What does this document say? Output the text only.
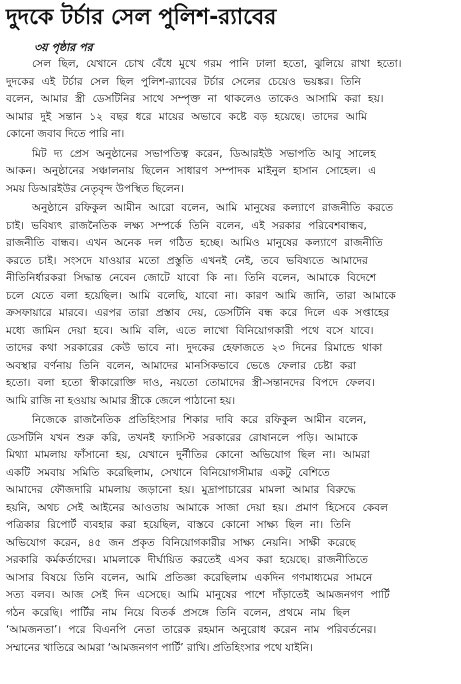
দুদকে টর্চার সেল পুলিশ-র‍্যাবের
৩য় পৃষ্ঠার পর
সেল ছিল, যেখানে চোখ বেঁধে মুখে গরম পানি ঢালা হতো, ঝুলিয়ে রাখা হতো।
দুদকের এই টর্চার সেল ছিল পুলিশ-র‍্যাবের টর্চার সেলের চেয়েও ভয়ঙ্কর। তিনি
বলেন, আমার স্ত্রী ডেসটিনির সাথে সম্পৃক্ত না থাকলেও তাকেও আসামি করা হয়।
আমার দুই সন্তান ১২ বছর ধরে মায়ের অভাবে কষ্টে বড় হয়েছে। তাদের আমি
কোনো জবাব দিতে পারি না।
মিট দ্য প্রেস অনুষ্ঠানের সভাপতিত্ব করেন, ডিআরইউ সভাপতি আবু সালেহ
আকন। অনুষ্ঠানের সঞ্চালনায় ছিলেন সাধারণ সম্পাদক মাইনুল হাসান সোহেল। এ
সময় ডিআরইউর নেতৃবৃন্দ উপস্থিত ছিলেন।
অনুষ্ঠানে রফিকুল আমীন আরো বলেন, আমি মানুষের কল্যাণে রাজনীতি করতে
চাই। ভবিষ্যৎ রাজনৈতিক লক্ষ্য সম্পর্কে তিনি বলেন, এই সরকার পরিবেশবান্ধব,
রাজনীতি বান্ধব। এখন অনেক দল গঠিত হচ্ছে। আমিও মানুষের কল্যাণে রাজনীতি
করতে চাই। সংসদে যাওয়ার মতো প্রস্তুতি এখনই নেই, তবে ভবিষ্যতে আমাদের
নীতিনির্ধারকরা সিদ্ধান্ত নেবেন জোটে যাবো কি না। তিনি বলেন, আমাকে বিদেশে
চলে যেতে বলা হয়েছিল। আমি বলেছি, যাবো না। কারণ আমি জানি, তারা আমাকে
ক্রসফায়ারে মারবে। এরপর তারা প্রস্তাব দেয়, ডেসটিনি বন্ধ করে দিলে এক সপ্তাহের
মধ্যে জামিন দেয়া হবে। আমি বলি, এতে লাখো বিনিয়োগকারী পথে বসে যাবে।
তাদের কথা সরকারের কেউ ভাবে না। দুদকের হেফাজতে ২৩ দিনের রিমান্ডে থাকা
অবস্থার বর্ণনায় তিনি বলেন, আমাদের মানসিকভাবে ভেঙে ফেলার চেষ্টা করা
হতো। বলা হতো স্বীকারোক্তি দাও, নয়তো তোমাদের স্ত্রী-সন্তানদের বিপদে ফেলব।
আমি রাজি না হওয়ায় আমার স্ত্রীকে জেলে পাঠানো হয়।
নিজেকে রাজনৈতিক প্রতিহিংসার শিকার দাবি করে রফিকুল আমীন বলেন,
ডেসটিনি যখন শুরু করি, তখনই ফ্যাসিস্ট সরকারের রোষানলে পড়ি। আমাকে
মিথ্যা মামলায় ফাঁসানো হয়, যেখানে দুর্নীতির কোনো অভিযোগ ছিল না। আমরা
একটি সমবায় সমিতি করেছিলাম, সেখানে বিনিয়োগসীমার একটু বেশিতে
আমাদের ফৌজদারি মামলায় জড়ানো হয়। মুদ্রাপাচারের মামলা আমার বিরুদ্ধে
হয়নি, অথচ সেই আইনের আওতায় আমাকে সাজা দেয়া হয়। প্রমাণ হিসেবে কেবল
পত্রিকার রিপোর্ট ব্যবহার করা হয়েছিল, বাস্তবে কোনো সাক্ষ্য ছিল না। তিনি
অভিযোগ করেন, ৪৫ জন প্রকৃত বিনিয়োগকারীর সাক্ষ্য নেয়নি। সাক্ষী করেছে
সরকারি কর্মকর্তাদের। মামলাকে দীর্ঘায়িত করতেই এসব করা হয়েছে। রাজনীতিতে
আসার বিষয়ে তিনি বলেন, আমি প্রতিজ্ঞা করেছিলাম একদিন গণমাধ্যমের সামনে
সত্য বলব। আজ সেই দিন এসেছে। আমি মানুষের পাশে দাঁড়াতেই আমজনগণ পার্টি
গঠন করেছি। পার্টির নাম নিয়ে বিতর্ক প্রসঙ্গে তিনি বলেন, প্রথমে নাম ছিল
‘আমজনতা’। পরে বিএনপি নেতা তারেক রহমান অনুরোধ করেন নাম পরিবর্তনের।
সম্মানের খাতিরে আমরা ‘আমজনগণ পার্টি’ রাখি। প্রতিহিংসার পথে যাইনি।
